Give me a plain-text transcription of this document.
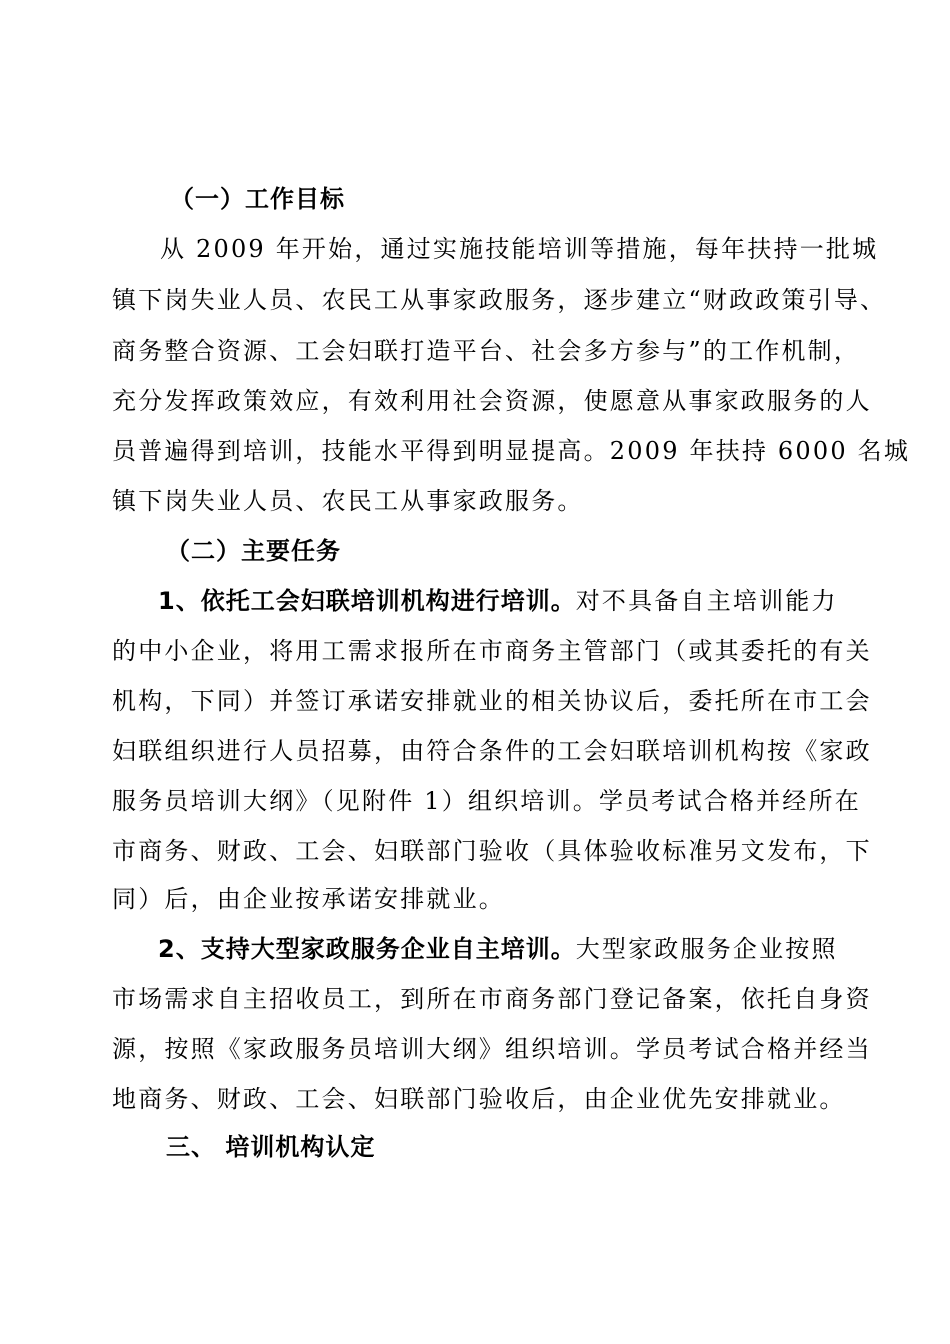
（一）工作目标
从 2009 年开始，通过实施技能培训等措施，每年扶持一批城
镇下岗失业人员、农民工从事家政服务，逐步建立“财政政策引导、
商务整合资源、工会妇联打造平台、社会多方参与”的工作机制，
充分发挥政策效应，有效利用社会资源，使愿意从事家政服务的人
员普遍得到培训，技能水平得到明显提高。2009 年扶持 6000 名城
镇下岗失业人员、农民工从事家政服务。
（二）主要任务
1、依托工会妇联培训机构进行培训。对不具备自主培训能力
的中小企业，将用工需求报所在市商务主管部门（或其委托的有关
机构，下同）并签订承诺安排就业的相关协议后，委托所在市工会
妇联组织进行人员招募，由符合条件的工会妇联培训机构按《家政
服务员培训大纲》（见附件 1）组织培训。学员考试合格并经所在
市商务、财政、工会、妇联部门验收（具体验收标准另文发布，下
同）后，由企业按承诺安排就业。
2、支持大型家政服务企业自主培训。大型家政服务企业按照
市场需求自主招收员工，到所在市商务部门登记备案，依托自身资
源，按照《家政服务员培训大纲》组织培训。学员考试合格并经当
地商务、财政、工会、妇联部门验收后，由企业优先安排就业。
三、 培训机构认定
